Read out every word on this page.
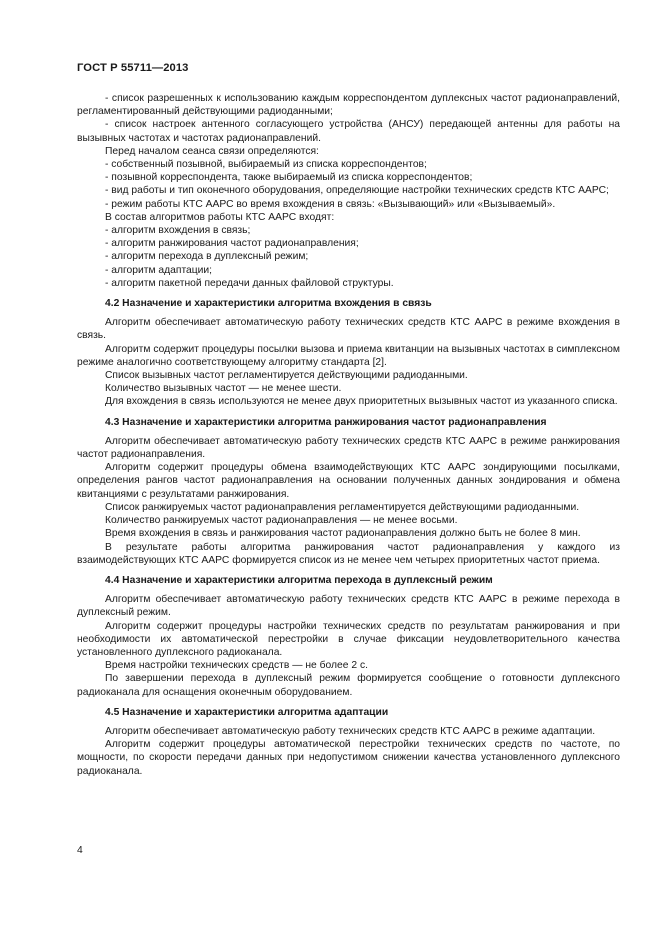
ГОСТ Р 55711—2013

- список разрешенных к использованию каждым корреспондентом дуплексных частот радионаправлений, регламентированный действующими радиоданными;

- список настроек антенного согласующего устройства (АНСУ) передающей антенны для работы на вызывных частотах и частотах радионаправлений.

Перед началом сеанса связи определяются:

- собственный позывной, выбираемый из списка корреспондентов;

- позывной корреспондента, также выбираемый из списка корреспондентов;

- вид работы и тип оконечного оборудования, определяющие настройки технических средств КТС ААРС;

- режим работы КТС ААРС во время вхождения в связь: «Вызывающий» или «Вызываемый».

В состав алгоритмов работы КТС ААРС входят:

- алгоритм вхождения в связь;

- алгоритм ранжирования частот радионаправления;

- алгоритм перехода в дуплексный режим;

- алгоритм адаптации;

- алгоритм пакетной передачи данных файловой структуры.

4.2 Назначение и характеристики алгоритма вхождения в связь

Алгоритм обеспечивает автоматическую работу технических средств КТС ААРС в режиме вхождения в связь.

Алгоритм содержит процедуры посылки вызова и приема квитанции на вызывных частотах в симплексном режиме аналогично соответствующему алгоритму стандарта [2].

Список вызывных частот регламентируется действующими радиоданными.

Количество вызывных частот — не менее шести.

Для вхождения в связь используются не менее двух приоритетных вызывных частот из указанного списка.

4.3 Назначение и характеристики алгоритма ранжирования частот радионаправления

Алгоритм обеспечивает автоматическую работу технических средств КТС ААРС в режиме ранжирования частот радионаправления.

Алгоритм содержит процедуры обмена взаимодействующих КТС ААРС зондирующими посылками, определения рангов частот радионаправления на основании полученных данных зондирования и обмена квитанциями с результатами ранжирования.

Список ранжируемых частот радионаправления регламентируется действующими радиоданными.

Количество ранжируемых частот радионаправления — не менее восьми.

Время вхождения в связь и ранжирования частот радионаправления должно быть не более 8 мин.

В результате работы алгоритма ранжирования частот радионаправления у каждого из взаимодействующих КТС ААРС формируется список из не менее чем четырех приоритетных частот приема.

4.4 Назначение и характеристики алгоритма перехода в дуплексный режим

Алгоритм обеспечивает автоматическую работу технических средств КТС ААРС в режиме перехода в дуплексный режим.

Алгоритм содержит процедуры настройки технических средств по результатам ранжирования и при необходимости их автоматической перестройки в случае фиксации неудовлетворительного качества установленного дуплексного радиоканала.

Время настройки технических средств — не более 2 с.

По завершении перехода в дуплексный режим формируется сообщение о готовности дуплексного радиоканала для оснащения оконечным оборудованием.

4.5 Назначение и характеристики алгоритма адаптации

Алгоритм обеспечивает автоматическую работу технических средств КТС ААРС в режиме адаптации.

Алгоритм содержит процедуры автоматической перестройки технических средств по частоте, по мощности, по скорости передачи данных при недопустимом снижении качества установленного дуплексного радиоканала.

4
